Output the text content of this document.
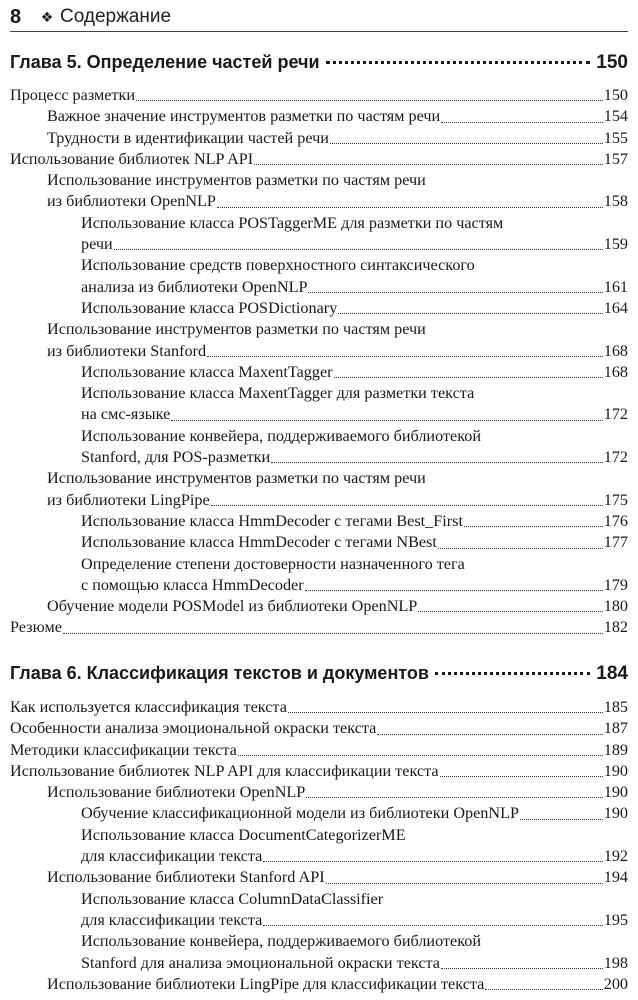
8	❖ Содержание
Глава 5. Определение частей речи	150
Процесс разметки	150
Важное значение инструментов разметки по частям речи	154
Трудности в идентификации частей речи	155
Использование библиотек NLP API	157
Использование инструментов разметки по частям речи
из библиотеки OpenNLP	158
Использование класса POSTaggerME для разметки по частям
речи	159
Использование средств поверхностного синтаксического
анализа из библиотеки OpenNLP	161
Использование класса POSDictionary	164
Использование инструментов разметки по частям речи
из библиотеки Stanford	168
Использование класса MaxentTagger	168
Использование класса MaxentTagger для разметки текста
на смс-языке	172
Использование конвейера, поддерживаемого библиотекой
Stanford, для POS-разметки	172
Использование инструментов разметки по частям речи
из библиотеки LingPipe	175
Использование класса HmmDecoder с тегами Best_First	176
Использование класса HmmDecoder с тегами NBest	177
Определение степени достоверности назначенного тега
с помощью класса HmmDecoder	179
Обучение модели POSModel из библиотеки OpenNLP	180
Резюме	182
Глава 6. Классификация текстов и документов	184
Как используется классификация текста	185
Особенности анализа эмоциональной окраски текста	187
Методики классификации текста	189
Использование библиотек NLP API для классификации текста	190
Использование библиотеки OpenNLP	190
Обучение классификационной модели из библиотеки OpenNLP	190
Использование класса DocumentCategorizerME
для классификации текста	192
Использование библиотеки Stanford API	194
Использование класса ColumnDataClassifier
для классификации текста	195
Использование конвейера, поддерживаемого библиотекой
Stanford для анализа эмоциональной окраски текста	198
Использование библиотеки LingPipe для классификации текста	200
